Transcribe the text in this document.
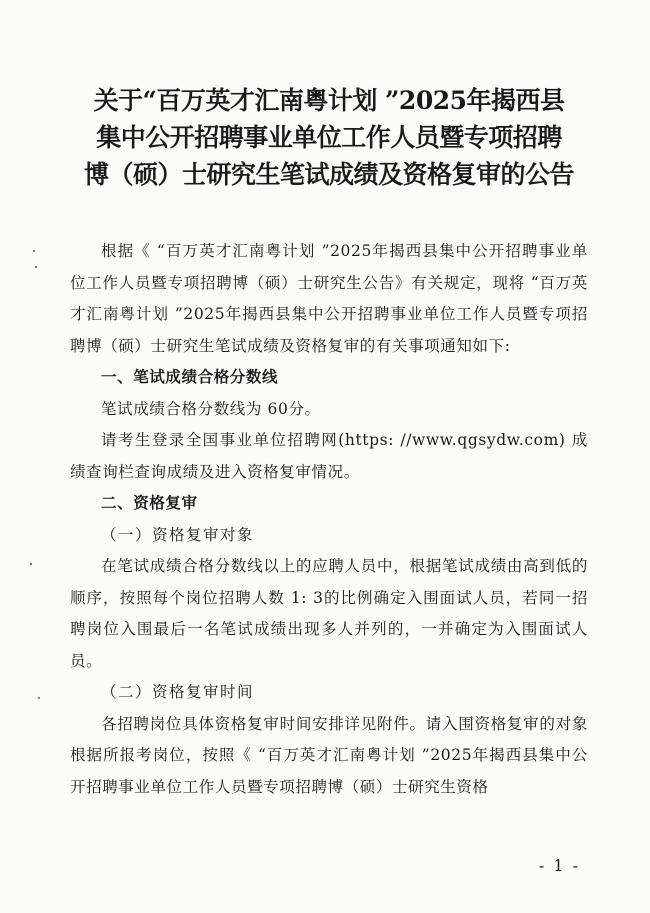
关于“百万英才汇南粤计划 ”2025年揭西县
集中公开招聘事业单位工作人员暨专项招聘
博（硕）士研究生笔试成绩及资格复审的公告

根据《 “百万英才汇南粤计划 ”2025年揭西县集中公开招聘事业单位工作人员暨专项招聘博（硕）士研究生公告》有关规定，现将 “百万英才汇南粤计划 ”2025年揭西县集中公开招聘事业单位工作人员暨专项招聘博（硕）士研究生笔试成绩及资格复审的有关事项通知如下:

一、笔试成绩合格分数线

笔试成绩合格分数线为 60分。

请考生登录全国事业单位招聘网(https: //www.qgsydw.com) 成绩查询栏查询成绩及进入资格复审情况。

二、资格复审

（一）资格复审对象

在笔试成绩合格分数线以上的应聘人员中，根据笔试成绩由高到低的顺序，按照每个岗位招聘人数 1: 3的比例确定入围面试人员，若同一招聘岗位入围最后一名笔试成绩出现多人并列的，一并确定为入围面试人员。

（二）资格复审时间

各招聘岗位具体资格复审时间安排详见附件。请入围资格复审的对象根据所报考岗位，按照《 “百万英才汇南粤计划 ”2025年揭西县集中公开招聘事业单位工作人员暨专项招聘博（硕）士研究生资格

- 1 -
